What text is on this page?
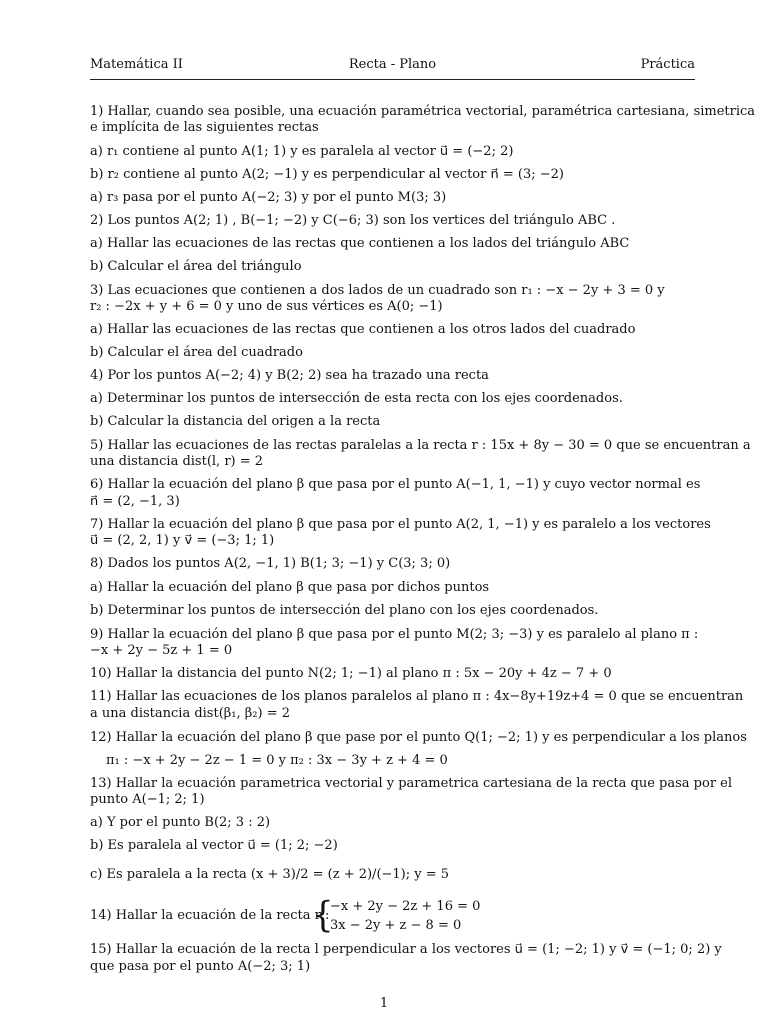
Matemática II	Recta - Plano	Práctica
1) Hallar, cuando sea posible, una ecuación paramétrica vectorial, paramétrica cartesiana, simetrica
e implícita de las siguientes rectas
a) r₁ contiene al punto A(1; 1) y es paralela al vector u⃗ = (−2; 2)
b) r₂ contiene al punto A(2; −1) y es perpendicular al vector n⃗ = (3; −2)
a) r₃ pasa por el punto A(−2; 3) y por el punto M(3; 3)
2) Los puntos A(2; 1) , B(−1; −2) y C(−6; 3) son los vertices del triángulo ABC .
a) Hallar las ecuaciones de las rectas que contienen a los lados del triángulo ABC
b) Calcular el área del triángulo
3) Las ecuaciones que contienen a dos lados de un cuadrado son r₁ : −x − 2y + 3 = 0 y
r₂ : −2x + y + 6 = 0 y uno de sus vértices es A(0; −1)
a) Hallar las ecuaciones de las rectas que contienen a los otros lados del cuadrado
b) Calcular el área del cuadrado
4) Por los puntos A(−2; 4) y B(2; 2) sea ha trazado una recta
a) Determinar los puntos de intersección de esta recta con los ejes coordenados.
b) Calcular la distancia del origen a la recta
5) Hallar las ecuaciones de las rectas paralelas a la recta r : 15x + 8y − 30 = 0 que se encuentran a
una distancia dist(l, r) = 2
6) Hallar la ecuación del plano β que pasa por el punto A(−1, 1, −1) y cuyo vector normal es
n⃗ = (2, −1, 3)
7) Hallar la ecuación del plano β que pasa por el punto A(2, 1, −1) y es paralelo a los vectores
u⃗ = (2, 2, 1) y v⃗ = (−3; 1; 1)
8) Dados los puntos A(2, −1, 1) B(1; 3; −1) y C(3; 3; 0)
a) Hallar la ecuación del plano β que pasa por dichos puntos
b) Determinar los puntos de intersección del plano con los ejes coordenados.
9) Hallar la ecuación del plano β que pasa por el punto M(2; 3; −3) y es paralelo al plano π :
−x + 2y − 5z + 1 = 0
10) Hallar la distancia del punto N(2; 1; −1) al plano π : 5x − 20y + 4z − 7 + 0
11) Hallar las ecuaciones de los planos paralelos al plano π : 4x−8y+19z+4 = 0 que se encuentran
a una distancia dist(β₁, β₂) = 2
12) Hallar la ecuación del plano β que pase por el punto Q(1; −2; 1) y es perpendicular a los planos
π₁ : −x + 2y − 2z − 1 = 0 y π₂ : 3x − 3y + z + 4 = 0
13) Hallar la ecuación parametrica vectorial y parametrica cartesiana de la recta que pasa por el
punto A(−1; 2; 1)
a) Y por el punto B(2; 3 : 2)
b) Es paralela al vector u⃗ = (1; 2; −2)
c) Es paralela a la recta (x + 3)/2 = (z + 2)/(−1); y = 5
14) Hallar la ecuación de la recta r :
{
−x + 2y − 2z + 16 = 0
3x − 2y + z − 8 = 0
15) Hallar la ecuación de la recta l perpendicular a los vectores u⃗ = (1; −2; 1) y v⃗ = (−1; 0; 2) y
que pasa por el punto A(−2; 3; 1)
1
